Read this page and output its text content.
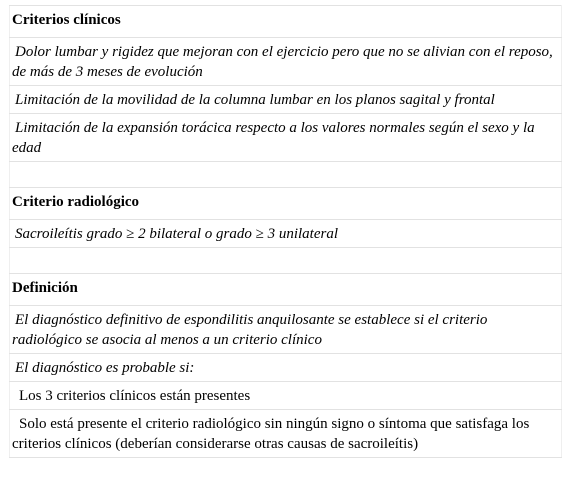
Criterios clínicos
Dolor lumbar y rigidez que mejoran con el ejercicio pero que no se alivian con el reposo, de más de 3 meses de evolución
Limitación de la movilidad de la columna lumbar en los planos sagital y frontal
Limitación de la expansión torácica respecto a los valores normales según el sexo y la edad

Criterio radiológico
Sacroileítis grado ≥ 2 bilateral o grado ≥ 3 unilateral

Definición
El diagnóstico definitivo de espondilitis anquilosante se establece si el criterio radiológico se asocia al menos a un criterio clínico
El diagnóstico es probable si:
Los 3 criterios clínicos están presentes
Solo está presente el criterio radiológico sin ningún signo o síntoma que satisfaga los criterios clínicos (deberían considerarse otras causas de sacroileítis)
